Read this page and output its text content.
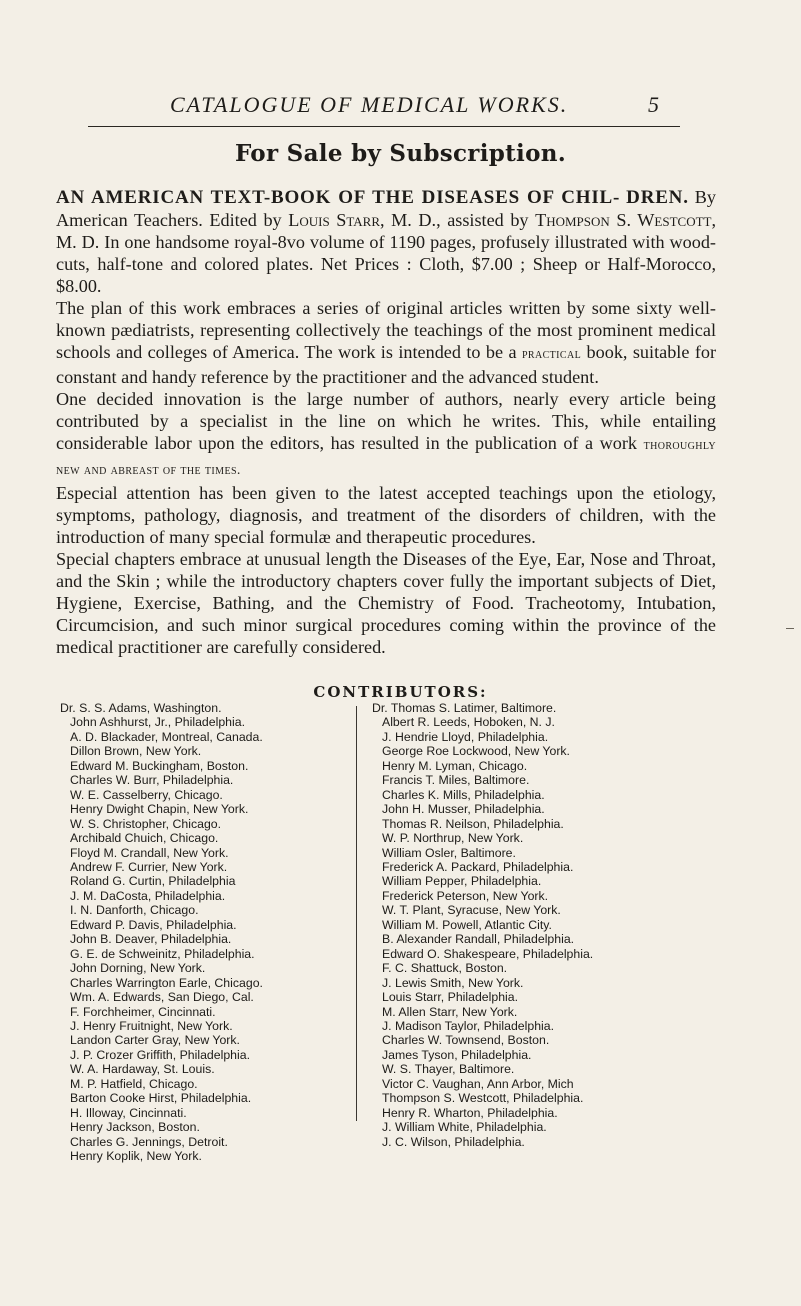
CATALOGUE OF MEDICAL WORKS.	5
For Sale by Subscription.

AN AMERICAN TEXT-BOOK OF THE DISEASES OF CHIL- DREN. By American Teachers. Edited by Louis Starr, M. D., assisted by Thompson S. Westcott, M. D. In one handsome royal-8vo volume of 1190 pages, profusely illustrated with wood-cuts, half-tone and colored plates. Net Prices : Cloth, $7.00 ; Sheep or Half-Morocco, $8.00.

The plan of this work embraces a series of original articles written by some sixty well-known pædiatrists, representing collectively the teachings of the most prominent medical schools and colleges of America. The work is intended to be a practical book, suitable for constant and handy reference by the practitioner and the advanced student.

One decided innovation is the large number of authors, nearly every article being contributed by a specialist in the line on which he writes. This, while entailing considerable labor upon the editors, has resulted in the publication of a work thoroughly new and abreast of the times.

Especial attention has been given to the latest accepted teachings upon the etiology, symptoms, pathology, diagnosis, and treatment of the disorders of children, with the introduction of many special formulæ and therapeutic procedures.

Special chapters embrace at unusual length the Diseases of the Eye, Ear, Nose and Throat, and the Skin ; while the introductory chapters cover fully the important subjects of Diet, Hygiene, Exercise, Bathing, and the Chemistry of Food. Tracheotomy, Intubation, Circumcision, and such minor surgical procedures coming within the province of the medical practitioner are carefully considered.

CONTRIBUTORS:
Dr. S. S. Adams, Washington.
John Ashhurst, Jr., Philadelphia.
A. D. Blackader, Montreal, Canada.
Dillon Brown, New York.
Edward M. Buckingham, Boston.
Charles W. Burr, Philadelphia.
W. E. Casselberry, Chicago.
Henry Dwight Chapin, New York.
W. S. Christopher, Chicago.
Archibald Chuich, Chicago.
Floyd M. Crandall, New York.
Andrew F. Currier, New York.
Roland G. Curtin, Philadelphia
J. M. DaCosta, Philadelphia.
I. N. Danforth, Chicago.
Edward P. Davis, Philadelphia.
John B. Deaver, Philadelphia.
G. E. de Schweinitz, Philadelphia.
John Dorning, New York.
Charles Warrington Earle, Chicago.
Wm. A. Edwards, San Diego, Cal.
F. Forchheimer, Cincinnati.
J. Henry Fruitnight, New York.
Landon Carter Gray, New York.
J. P. Crozer Griffith, Philadelphia.
W. A. Hardaway, St. Louis.
M. P. Hatfield, Chicago.
Barton Cooke Hirst, Philadelphia.
H. Illoway, Cincinnati.
Henry Jackson, Boston.
Charles G. Jennings, Detroit.
Henry Koplik, New York.
Dr. Thomas S. Latimer, Baltimore.
Albert R. Leeds, Hoboken, N. J.
J. Hendrie Lloyd, Philadelphia.
George Roe Lockwood, New York.
Henry M. Lyman, Chicago.
Francis T. Miles, Baltimore.
Charles K. Mills, Philadelphia.
John H. Musser, Philadelphia.
Thomas R. Neilson, Philadelphia.
W. P. Northrup, New York.
William Osler, Baltimore.
Frederick A. Packard, Philadelphia.
William Pepper, Philadelphia.
Frederick Peterson, New York.
W. T. Plant, Syracuse, New York.
William M. Powell, Atlantic City.
B. Alexander Randall, Philadelphia.
Edward O. Shakespeare, Philadelphia.
F. C. Shattuck, Boston.
J. Lewis Smith, New York.
Louis Starr, Philadelphia.
M. Allen Starr, New York.
J. Madison Taylor, Philadelphia.
Charles W. Townsend, Boston.
James Tyson, Philadelphia.
W. S. Thayer, Baltimore.
Victor C. Vaughan, Ann Arbor, Mich
Thompson S. Westcott, Philadelphia.
Henry R. Wharton, Philadelphia.
J. William White, Philadelphia.
J. C. Wilson, Philadelphia.
